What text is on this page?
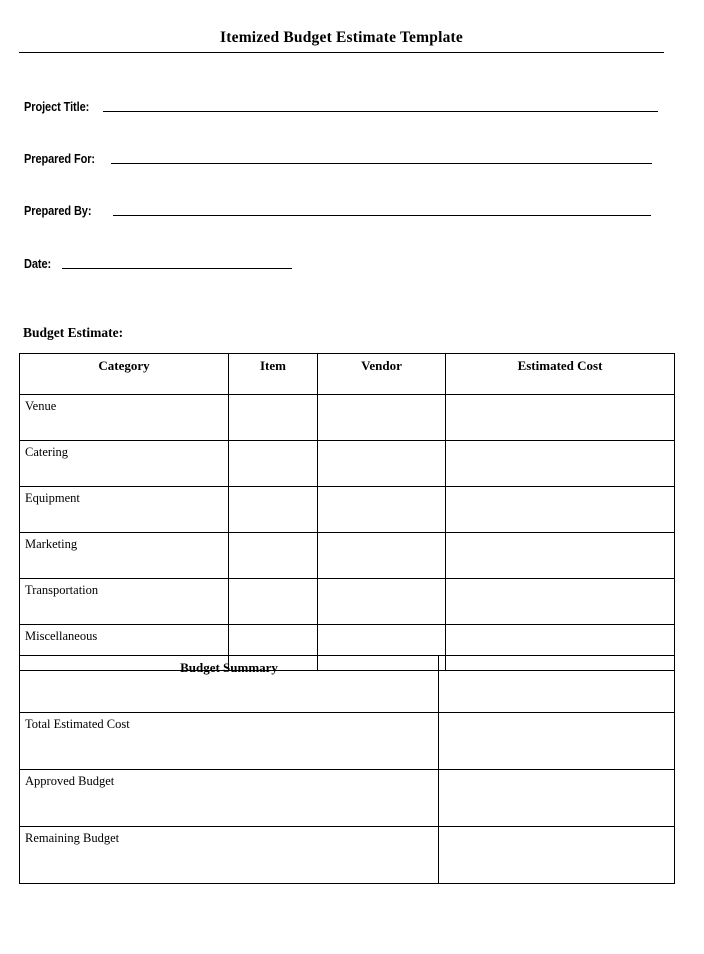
Itemized Budget Estimate Template
Project Title:
Prepared For:
Prepared By:
Date:
Budget Estimate:
Category	Item	Vendor	Estimated Cost
Venue			
Catering			
Equipment			
Marketing			
Transportation			
Miscellaneous			
Budget Summary	
Total Estimated Cost	
Approved Budget	
Remaining Budget	
